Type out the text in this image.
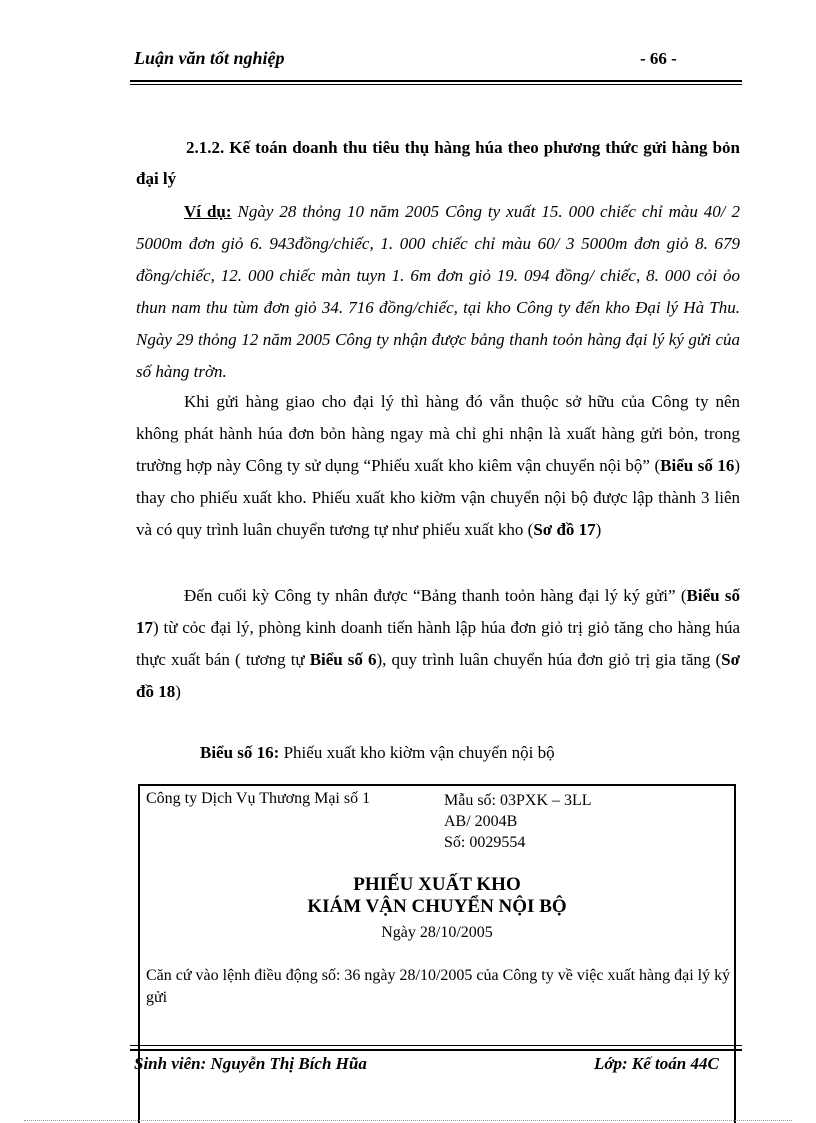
Luận văn tốt nghiệp	- 66 -
2.1.2. Kế toán doanh thu tiêu thụ hàng húa theo phương thức gửi hàng bỏn đại lý
Ví dụ: Ngày 28 thỏng 10 năm 2005 Công ty xuất 15. 000 chiếc chỉ màu 40/ 2 5000m đơn giỏ 6. 943đồng/chiếc, 1. 000 chiếc chỉ màu 60/ 3 5000m đơn giỏ 8. 679 đồng/chiếc, 12. 000 chiếc màn tuyn 1. 6m đơn giỏ 19. 094 đồng/ chiếc, 8. 000 cỏi ỏo thun nam thu tùm đơn giỏ 34. 716 đồng/chiếc, tại kho Công ty đến kho Đại lý Hà Thu. Ngày 29 thỏng 12 năm 2005 Công ty nhận được bảng thanh toỏn hàng đại lý ký gửi của số hàng trờn.
Khi gửi hàng giao cho đại lý thì hàng đó vẫn thuộc sở hữu của Công ty nên không phát hành húa đơn bỏn hàng ngay mà chỉ ghi nhận là xuất hàng gửi bỏn, trong trường hợp này Công ty sử dụng “Phiếu xuất kho kiêm vận chuyển nội bộ” (Biểu số 16) thay cho phiếu xuất kho. Phiếu xuất kho kiờm vận chuyển nội bộ được lập thành 3 liên và có quy trình luân chuyển tương tự như phiếu xuất kho (Sơ đồ 17)
Đến cuối kỳ Công ty nhân được “Bảng thanh toỏn hàng đại lý ký gửi” (Biểu số 17) từ cỏc đại lý, phòng kinh doanh tiến hành lập húa đơn giỏ trị giỏ tăng cho hàng húa thực xuất bán ( tương tự Biểu số 6), quy trình luân chuyển húa đơn giỏ trị gia tăng (Sơ đồ 18)
Biểu số 16: Phiếu xuất kho kiờm vận chuyển nội bộ
Công ty Dịch Vụ Thương Mại số 1	Mẫu số: 03PXK – 3LL
AB/ 2004B
Số: 0029554
PHIẾU XUẤT KHO
KIÁM VẬN CHUYỂN NỘI BỘ
Ngày 28/10/2005
Căn cứ vào lệnh điều động số: 36 ngày 28/10/2005 của Công ty về việc xuất hàng đại lý ký gửi
Sinh viên: Nguyễn Thị Bích Hũa	Lớp: Kế toán 44C
